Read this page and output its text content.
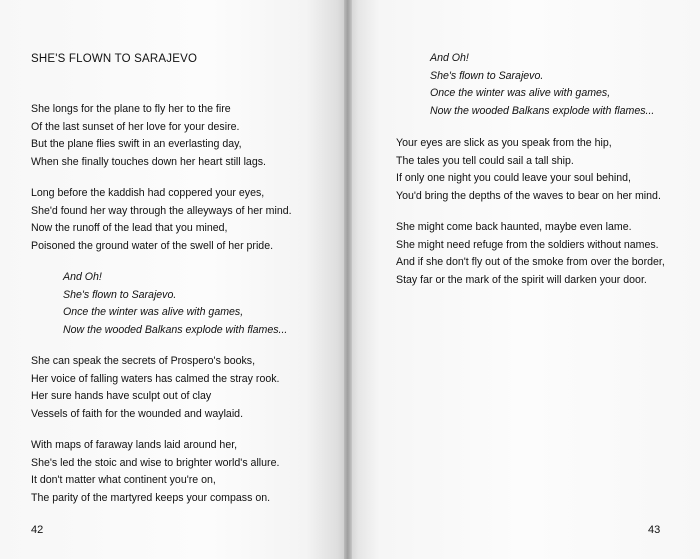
SHE'S FLOWN TO SARAJEVO
She longs for the plane to fly her to the fire
Of the last sunset of her love for your desire.
But the plane flies swift in an everlasting day,
When she finally touches down her heart still lags.
Long before the kaddish had coppered your eyes,
She'd found her way through the alleyways of her mind.
Now the runoff of the lead that you mined,
Poisoned the ground water of the swell of her pride.
And Oh!
She's flown to Sarajevo.
Once the winter was alive with games,
Now the wooded Balkans explode with flames...
She can speak the secrets of Prospero's books,
Her voice of falling waters has calmed the stray rook.
Her sure hands have sculpt out of clay
Vessels of faith for the wounded and waylaid.
With maps of faraway lands laid around her,
She's led the stoic and wise to brighter world's allure.
It don't matter what continent you're on,
The parity of the martyred keeps your compass on.
42
And Oh!
She's flown to Sarajevo.
Once the winter was alive with games,
Now the wooded Balkans explode with flames...
Your eyes are slick as you speak from the hip,
The tales you tell could sail a tall ship.
If only one night you could leave your soul behind,
You'd bring the depths of the waves to bear on her mind.
She might come back haunted, maybe even lame.
She might need refuge from the soldiers without names.
And if she don't fly out of the smoke from over the border,
Stay far or the mark of the spirit will darken your door.
43
